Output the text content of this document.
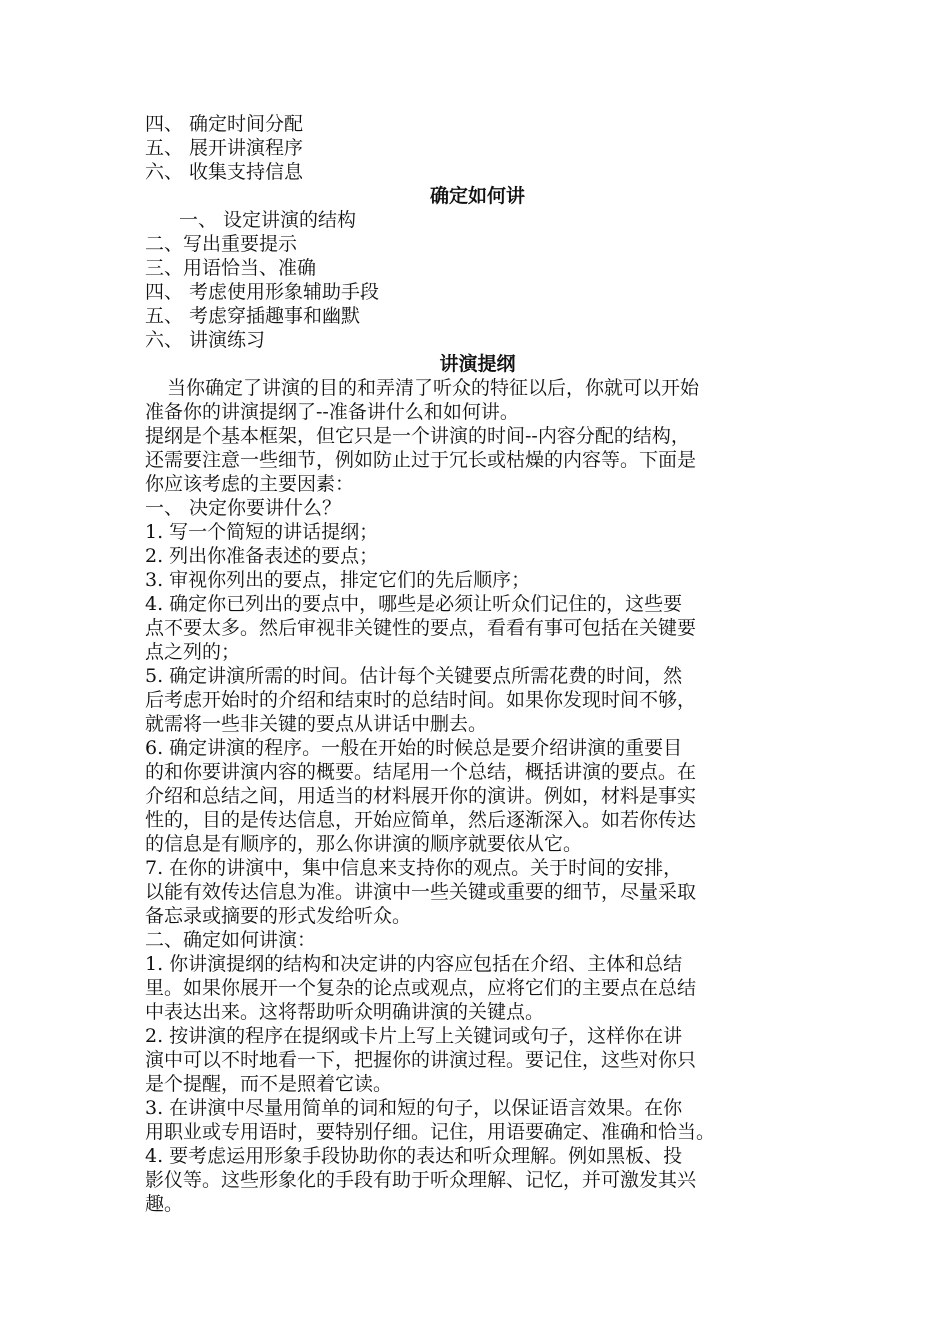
四、 确定时间分配

五、 展开讲演程序

六、 收集支持信息

确定如何讲

一、 设定讲演的结构

二、写出重要提示

三、用语恰当、准确

四、 考虑使用形象辅助手段

五、 考虑穿插趣事和幽默

六、 讲演练习

讲演提纲

当你确定了讲演的目的和弄清了听众的特征以后，你就可以开始

准备你的讲演提纲了--准备讲什么和如何讲。

提纲是个基本框架，但它只是一个讲演的时间--内容分配的结构，

还需要注意一些细节，例如防止过于冗长或枯燥的内容等。下面是

你应该考虑的主要因素：

一、 决定你要讲什么？

1. 写一个简短的讲话提纲；

2. 列出你准备表述的要点；

3. 审视你列出的要点，排定它们的先后顺序；

4. 确定你已列出的要点中，哪些是必须让听众们记住的，这些要

点不要太多。然后审视非关键性的要点，看看有事可包括在关键要

点之列的；

5. 确定讲演所需的时间。估计每个关键要点所需花费的时间，然

后考虑开始时的介绍和结束时的总结时间。如果你发现时间不够，

就需将一些非关键的要点从讲话中删去。

6. 确定讲演的程序。一般在开始的时候总是要介绍讲演的重要目

的和你要讲演内容的概要。结尾用一个总结，概括讲演的要点。在

介绍和总结之间，用适当的材料展开你的演讲。例如，材料是事实

性的，目的是传达信息，开始应简单，然后逐渐深入。如若你传达

的信息是有顺序的，那么你讲演的顺序就要依从它。

7. 在你的讲演中，集中信息来支持你的观点。关于时间的安排，

以能有效传达信息为准。讲演中一些关键或重要的细节，尽量采取

备忘录或摘要的形式发给听众。

二、确定如何讲演：

1. 你讲演提纲的结构和决定讲的内容应包括在介绍、主体和总结

里。如果你展开一个复杂的论点或观点，应将它们的主要点在总结

中表达出来。这将帮助听众明确讲演的关键点。

2. 按讲演的程序在提纲或卡片上写上关键词或句子，这样你在讲

演中可以不时地看一下，把握你的讲演过程。要记住，这些对你只

是个提醒，而不是照着它读。

3. 在讲演中尽量用简单的词和短的句子，以保证语言效果。在你

用职业或专用语时，要特别仔细。记住，用语要确定、准确和恰当。

4. 要考虑运用形象手段协助你的表达和听众理解。例如黑板、投

影仪等。这些形象化的手段有助于听众理解、记忆，并可激发其兴

趣。
